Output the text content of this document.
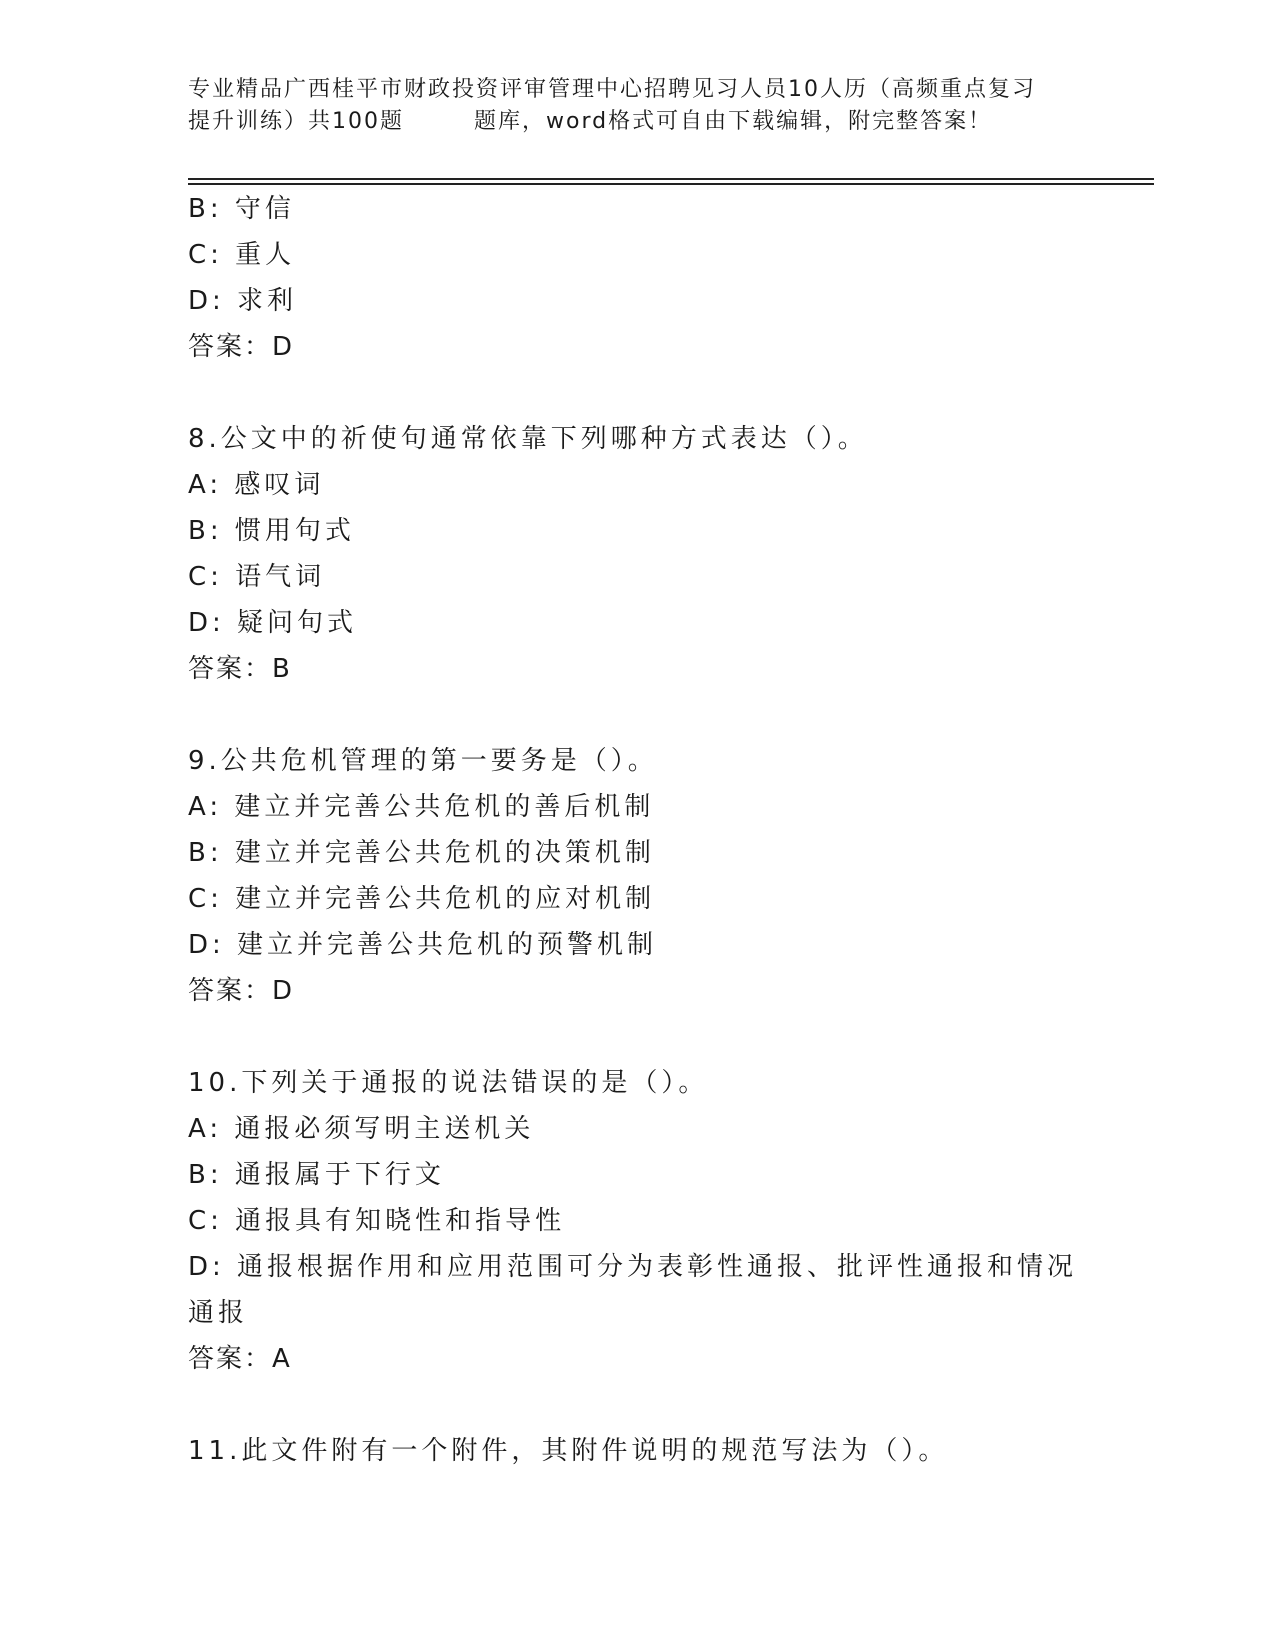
专业精品广西桂平市财政投资评审管理中心招聘见习人员10人历（高频重点复习
提升训练）共100题	题库，word格式可自由下载编辑，附完整答案！
B: 守信
C: 重人
D: 求利
答案：D
8.公文中的祈使句通常依靠下列哪种方式表达（）。
A: 感叹词
B: 惯用句式
C: 语气词
D: 疑问句式
答案：B
9.公共危机管理的第一要务是（）。
A: 建立并完善公共危机的善后机制
B: 建立并完善公共危机的决策机制
C: 建立并完善公共危机的应对机制
D: 建立并完善公共危机的预警机制
答案：D
10.下列关于通报的说法错误的是（）。
A: 通报必须写明主送机关
B: 通报属于下行文
C: 通报具有知晓性和指导性
D: 通报根据作用和应用范围可分为表彰性通报、批评性通报和情况通报
答案：A
11.此文件附有一个附件，其附件说明的规范写法为（）。
